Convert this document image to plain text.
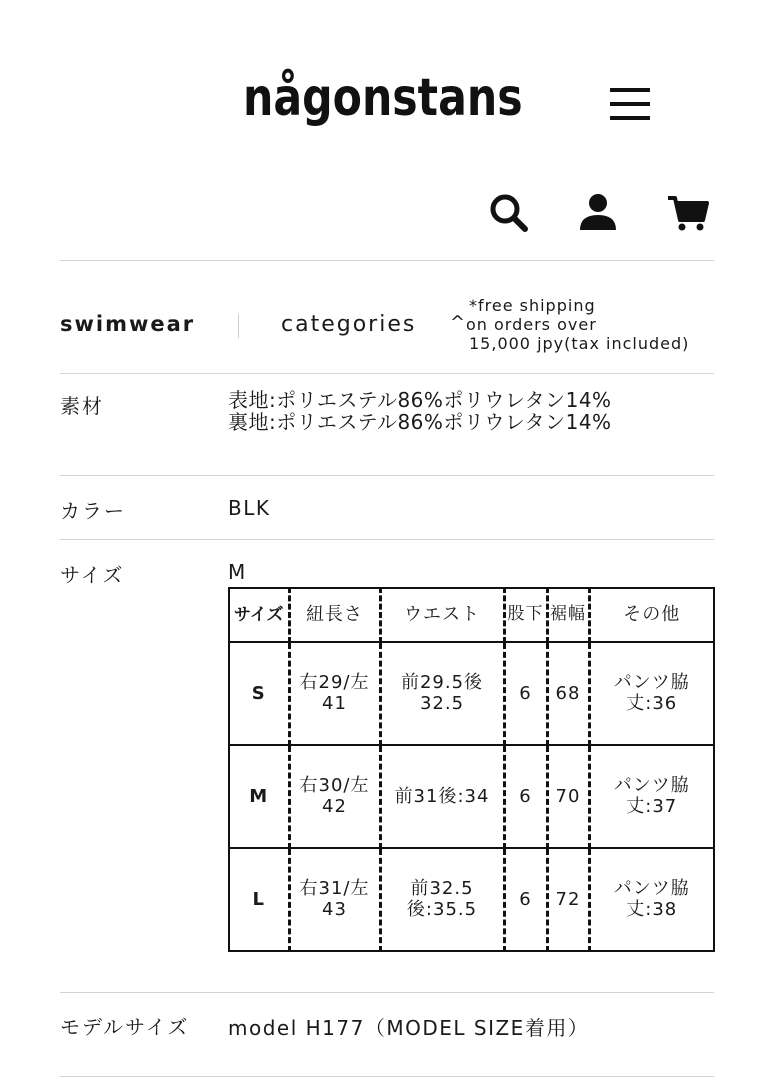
någonstans
swimwear	categories ^
*free shipping
on orders over
15,000 jpy(tax included)
素材	表地:ポリエステル86%ポリウレタン14%
裏地:ポリエステル86%ポリウレタン14%
カラー	BLK
サイズ	M
サイズ	紐長さ	ウエスト	股下	裾幅	その他
S	右29/左41	前29.5後32.5	6	68	パンツ脇丈:36
M	右30/左42	前31後:34	6	70	パンツ脇丈:37
L	右31/左43	前32.5後:35.5	6	72	パンツ脇丈:38
モデルサイズ model H177（MODEL SIZE着用）
